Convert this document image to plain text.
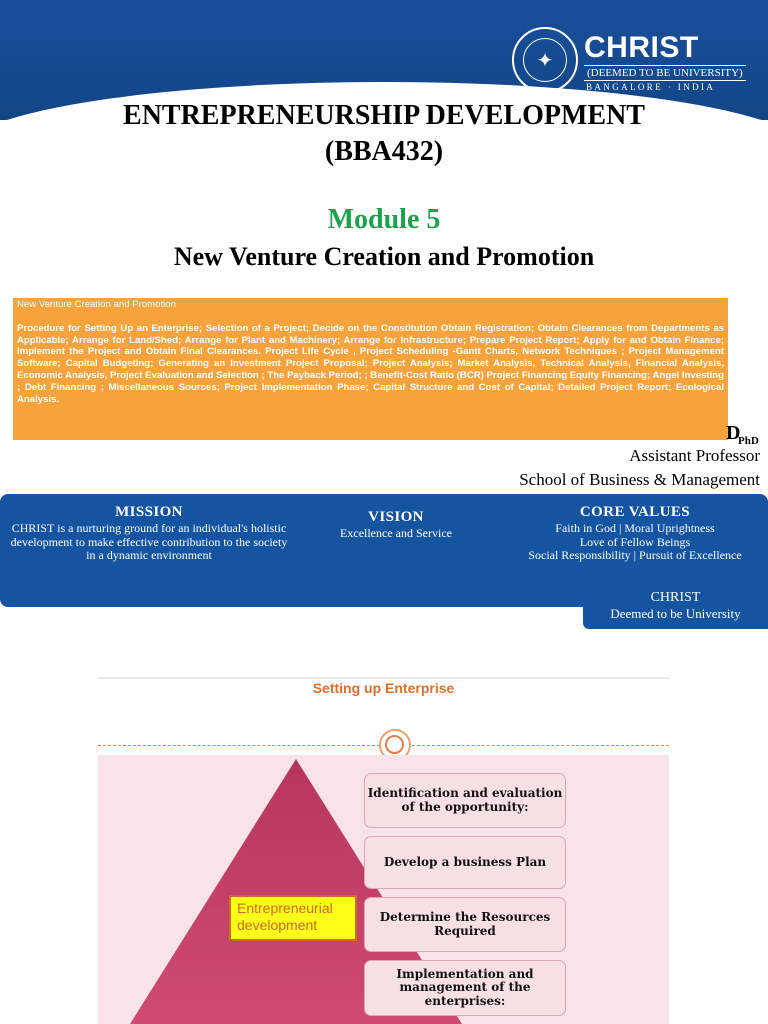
✦	CHRIST
(DEEMED TO BE UNIVERSITY)
BANGALORE · INDIA
ENTREPRENEURSHIP DEVELOPMENT
(BBA432)
Module 5
New Venture Creation and Promotion
New Venture Creation and Promotion
Procedure for Setting Up an Enterprise; Selection of a Project; Decide on the Constitution Obtain Registration; Obtain Clearances from Departments as Applicable; Arrange for Land/Shed; Arrange for Plant and Machinery; Arrange for Infrastructure; Prepare Project Report; Apply for and Obtain Finance; Implement the Project and Obtain Final Clearances. Project Life Cycle , Project Scheduling -Gantt Charts, Network Techniques ; Project Management Software; Capital Budgeting; Generating an Investment Project Proposal; Project Analysis; Market Analysis, Technical Analysis, Financial Analysis, Economic Analysis, Project Evaluation and Selection ; The Payback Period; ; Benefit-Cost Ratio (BCR) Project Financing Equity Financing; Angel Investing ; Debt Financing ; Miscellaneous Sources; Project Implementation Phase; Capital Structure and Cost of Capital; Detailed Project Report; Ecological Analysis.
D
PhD
Assistant Professor
School of Business & Management
MISSION

CHRIST is a nurturing ground for an individual's holistic development to make effective contribution to the society in a dynamic environment

VISION

Excellence and Service

CORE VALUES

Faith in God | Moral Uprightness

Love of Fellow Beings

Social Responsibility | Pursuit of Excellence

CHRIST
Deemed to be University
Setting up Enterprise
Identification and evaluation of the opportunity:
Develop a business Plan
Determine the Resources Required
Implementation and management of the enterprises:
Entrepreneurial development
